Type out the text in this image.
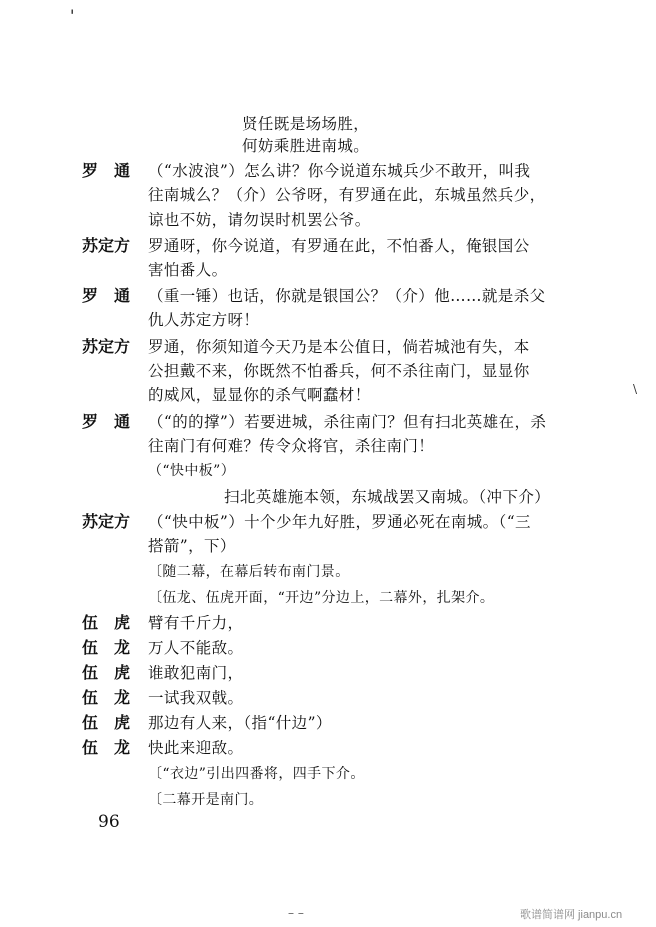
'
\
贤任既是场场胜，
何妨乘胜进南城。
罗　通	（“水波浪”）怎么讲？你今说道东城兵少不敢开，叫我
往南城么？（介）公爷呀，有罗通在此，东城虽然兵少，
谅也不妨，请勿误时机罢公爷。
苏定方	罗通呀，你今说道，有罗通在此，不怕番人，俺银国公
害怕番人。
罗　通	（重一锤）也话，你就是银国公？（介）他……就是杀父
仇人苏定方呀！
苏定方	罗通，你须知道今天乃是本公值日，倘若城池有失，本
公担戴不来，你既然不怕番兵，何不杀往南门，显显你
的威风，显显你的杀气啊蠢材！
罗　通	（“的的撑”）若要进城，杀往南门？但有扫北英雄在，杀
往南门有何难？传令众将官，杀往南门！
（“快中板”）
扫北英雄施本领，东城战罢又南城。（冲下介）
苏定方	（“快中板”）十个少年九好胜，罗通必死在南城。（“三
搭箭”，下）
〔随二幕，在幕后转布南门景。
〔伍龙、伍虎开面，“开边”分边上，二幕外，扎架介。
伍　虎	臂有千斤力，
伍　龙	万人不能敌。
伍　虎	谁敢犯南门，
伍　龙	一试我双戟。
伍　虎	那边有人来，（指“什边”）
伍　龙	快此来迎敌。
〔“衣边”引出四番将，四手下介。
〔二幕开是南门。
96
– –	歌谱简谱网 jianpu.cn
